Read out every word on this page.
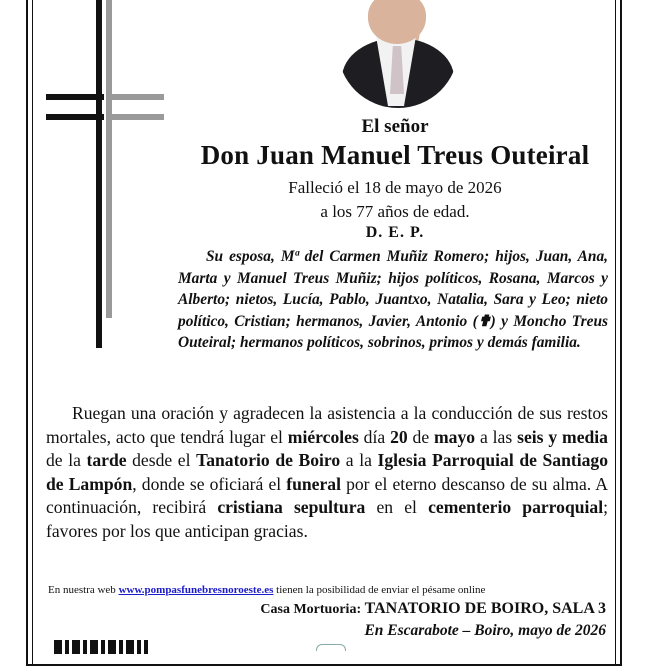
El señor
Don Juan Manuel Treus Outeiral
Falleció el 18 de mayo de 2026
a los 77 años de edad.
D. E. P.
Su esposa, Mª del Carmen Muñiz Romero; hijos, Juan, Ana, Marta y Manuel Treus Muñiz; hijos políticos, Rosana, Marcos y Alberto; nietos, Lucía, Pablo, Juantxo, Natalia, Sara y Leo; nieto político, Cristian; hermanos, Javier, Antonio (✟) y Moncho Treus Outeiral; hermanos políticos, sobrinos, primos y demás familia.
Ruegan una oración y agradecen la asistencia a la conducción de sus restos mortales, acto que tendrá lugar el miércoles día 20 de mayo a las seis y media de la tarde desde el Tanatorio de Boiro a la Iglesia Parroquial de Santiago de Lampón, donde se oficiará el funeral por el eterno descanso de su alma. A continuación, recibirá cristiana sepultura en el cementerio parroquial; favores por los que anticipan gracias.
En nuestra web www.pompasfunebresnoroeste.es tienen la posibilidad de enviar el pésame online
Casa Mortuoria: TANATORIO DE BOIRO, SALA 3
En Escarabote – Boiro, mayo de 2026
